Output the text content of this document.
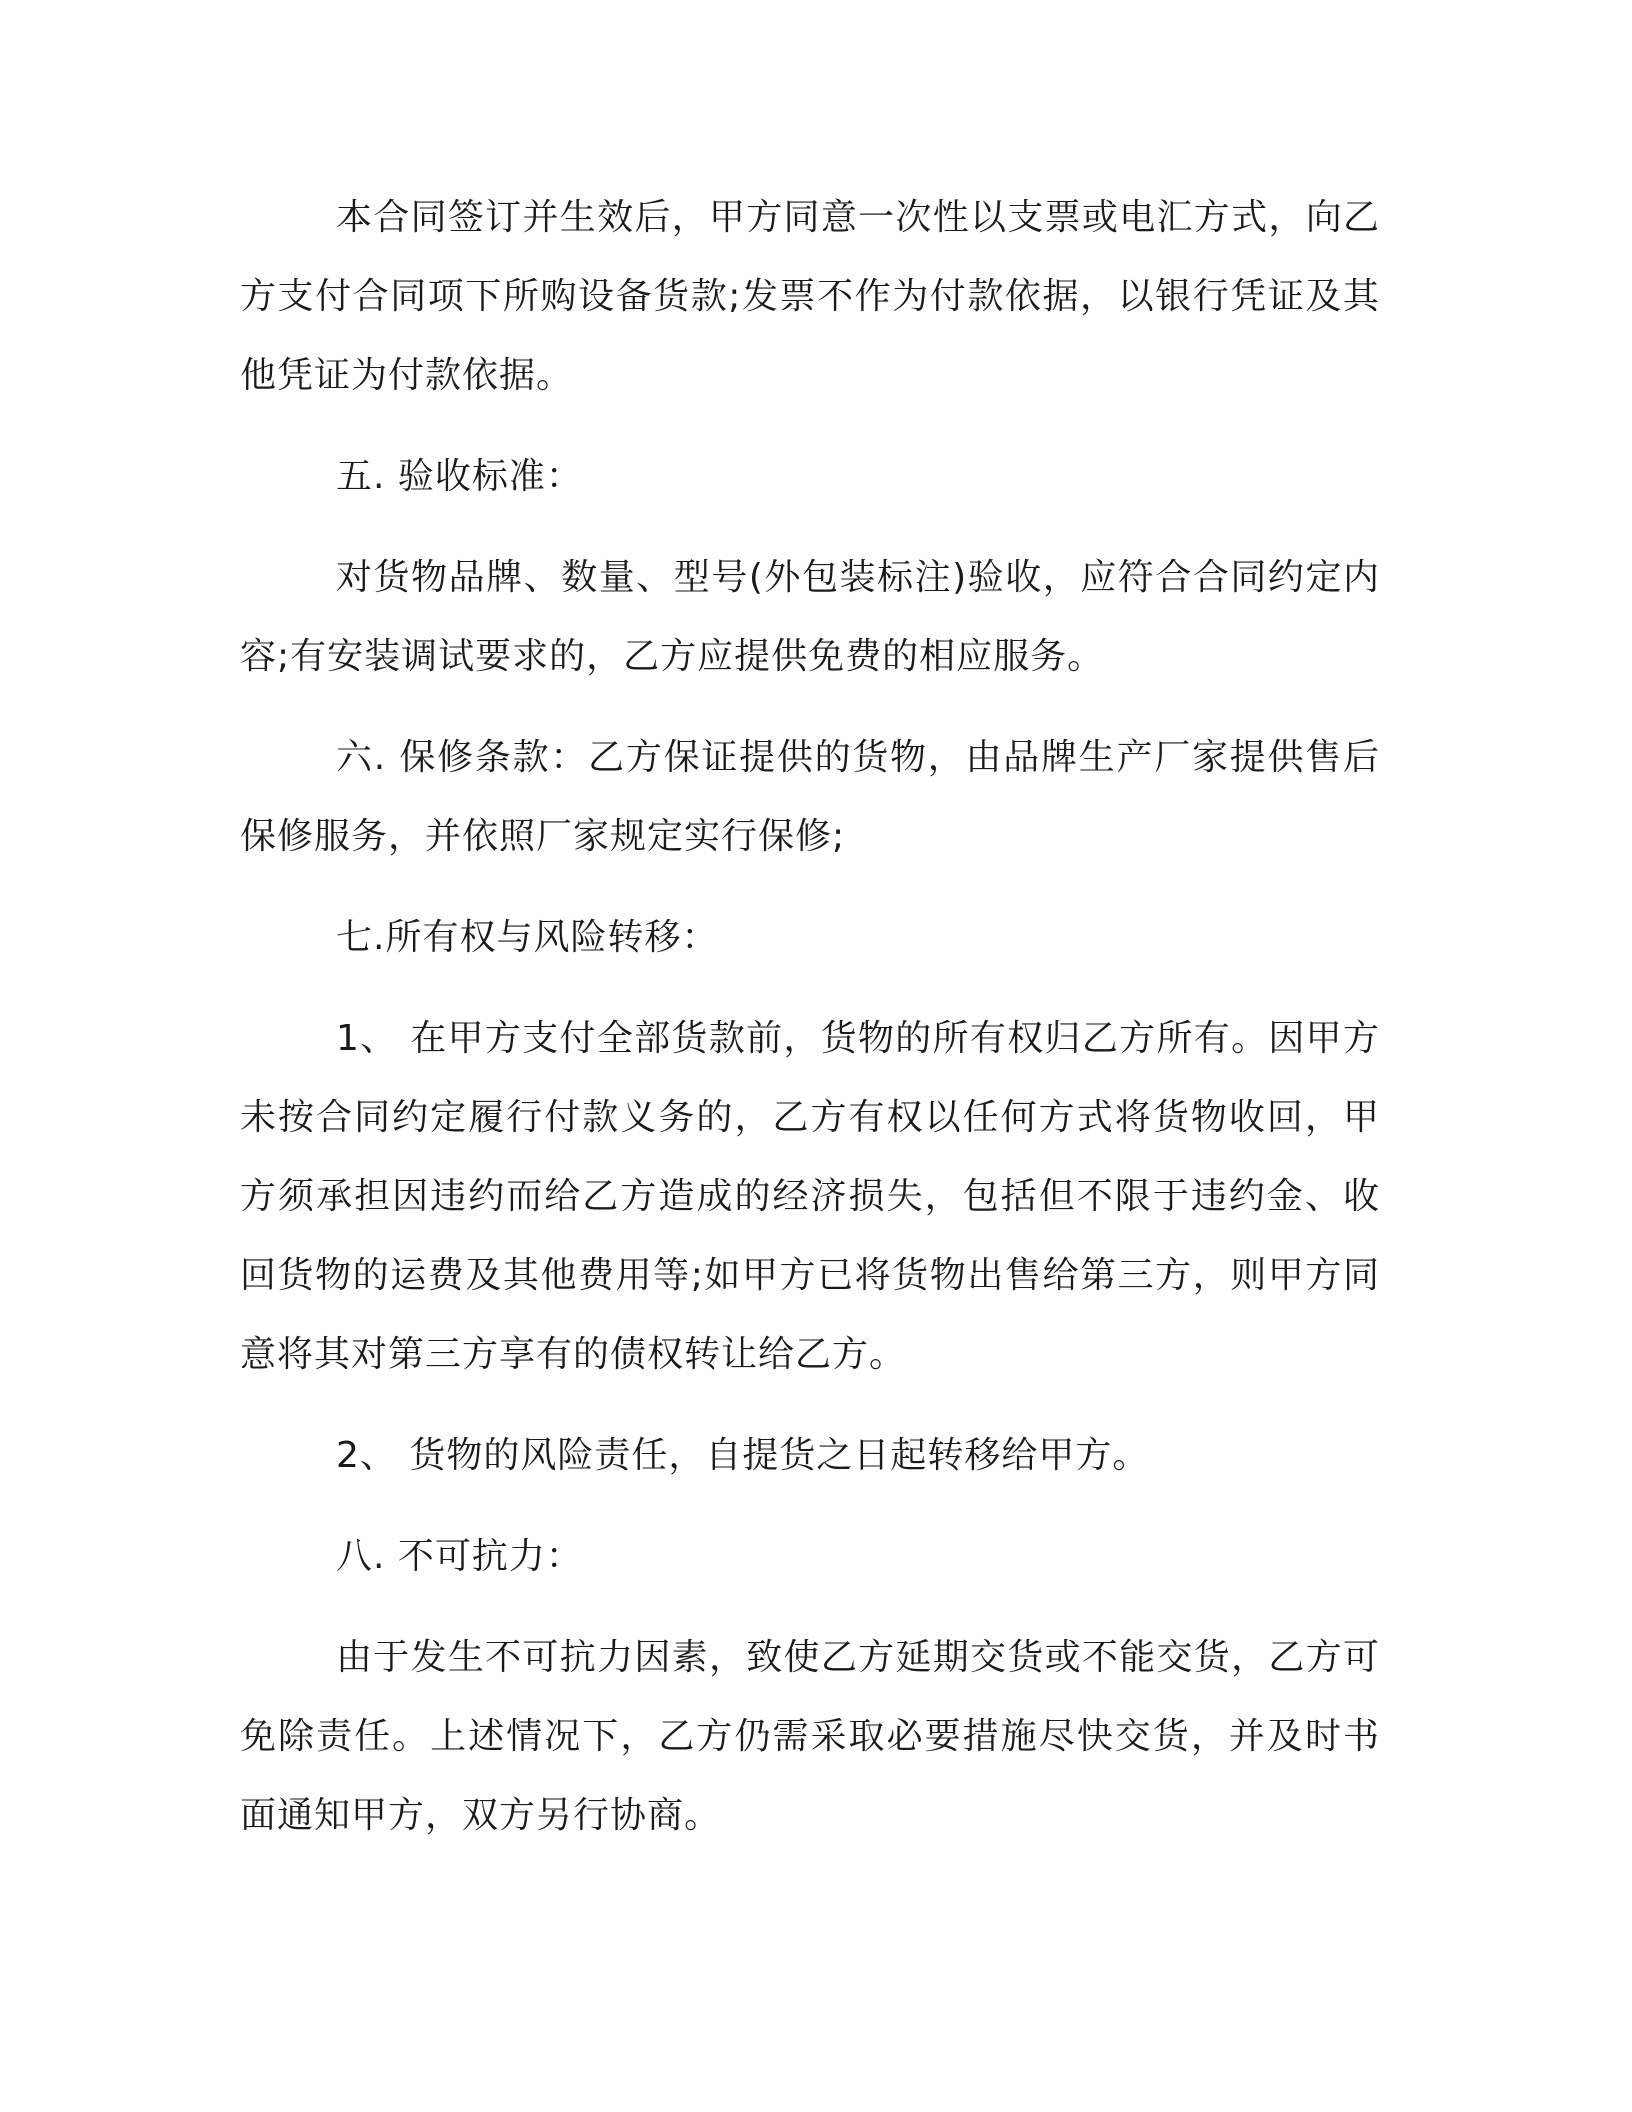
本合同签订并生效后，甲方同意一次性以支票或电汇方式，向乙方支付合同项下所购设备货款;发票不作为付款依据，以银行凭证及其他凭证为付款依据。

五. 验收标准：

对货物品牌、数量、型号(外包装标注)验收，应符合合同约定内容;有安装调试要求的，乙方应提供免费的相应服务。

六. 保修条款：乙方保证提供的货物，由品牌生产厂家提供售后保修服务，并依照厂家规定实行保修;

七.所有权与风险转移：

1、 在甲方支付全部货款前，货物的所有权归乙方所有。因甲方未按合同约定履行付款义务的，乙方有权以任何方式将货物收回，甲方须承担因违约而给乙方造成的经济损失，包括但不限于违约金、收回货物的运费及其他费用等;如甲方已将货物出售给第三方，则甲方同意将其对第三方享有的债权转让给乙方。

2、 货物的风险责任，自提货之日起转移给甲方。

八. 不可抗力：

由于发生不可抗力因素，致使乙方延期交货或不能交货，乙方可免除责任。上述情况下，乙方仍需采取必要措施尽快交货，并及时书面通知甲方，双方另行协商。
